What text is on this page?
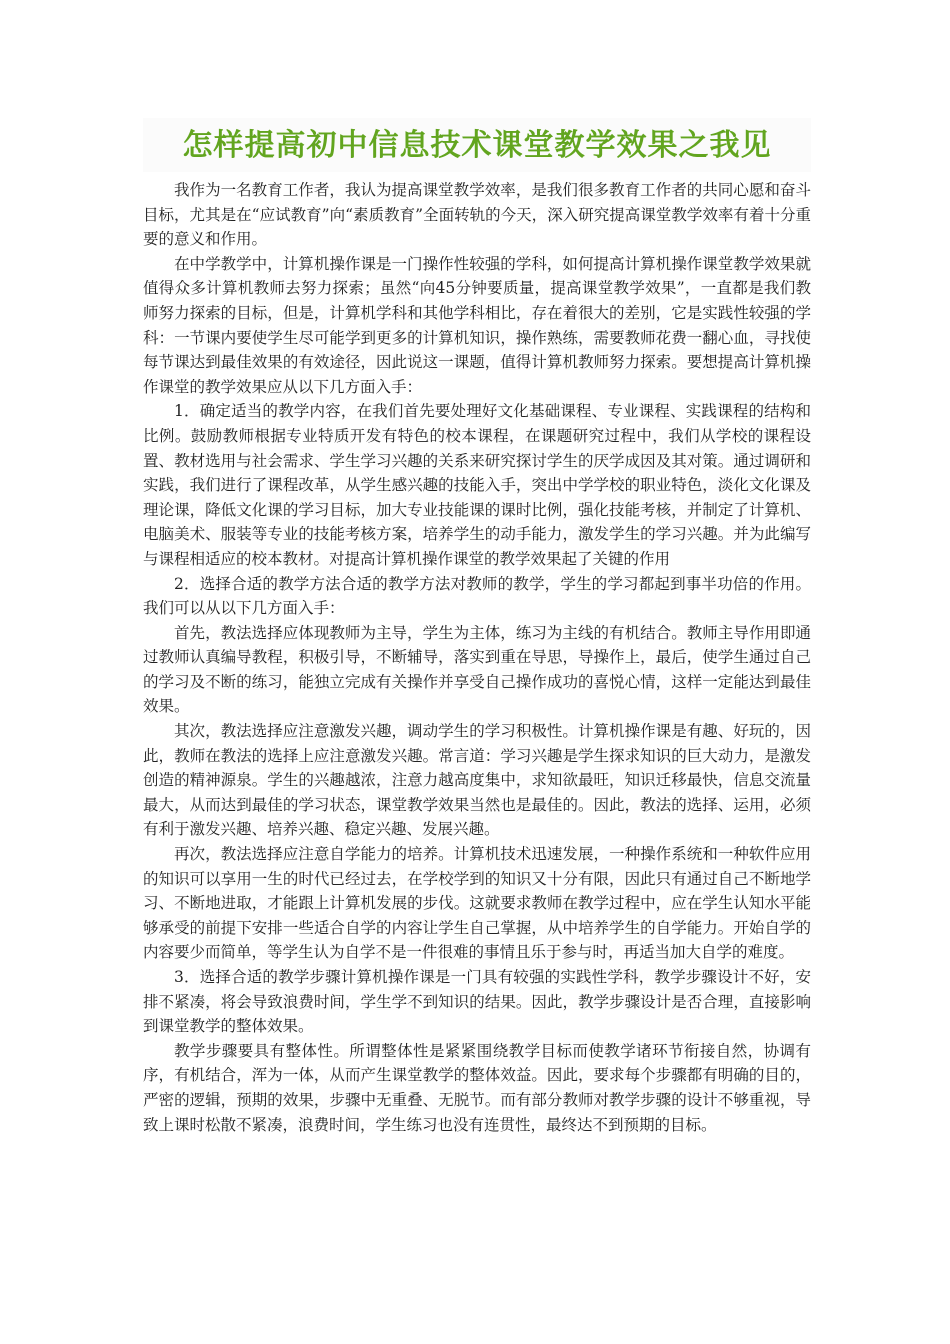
怎样提高初中信息技术课堂教学效果之我见

我作为一名教育工作者，我认为提高课堂教学效率，是我们很多教育工作者的共同心愿和奋斗目标，尤其是在“应试教育”向“素质教育”全面转轨的今天，深入研究提高课堂教学效率有着十分重要的意义和作用。

在中学教学中，计算机操作课是一门操作性较强的学科，如何提高计算机操作课堂教学效果就值得众多计算机教师去努力探索；虽然“向45分钟要质量，提高课堂教学效果”，一直都是我们教师努力探索的目标，但是，计算机学科和其他学科相比，存在着很大的差别，它是实践性较强的学科：一节课内要使学生尽可能学到更多的计算机知识，操作熟练，需要教师花费一翻心血，寻找使每节课达到最佳效果的有效途径，因此说这一课题，值得计算机教师努力探索。要想提高计算机操作课堂的教学效果应从以下几方面入手：

1．确定适当的教学内容，在我们首先要处理好文化基础课程、专业课程、实践课程的结构和比例。鼓励教师根据专业特质开发有特色的校本课程，在课题研究过程中，我们从学校的课程设置、教材选用与社会需求、学生学习兴趣的关系来研究探讨学生的厌学成因及其对策。通过调研和实践，我们进行了课程改革，从学生感兴趣的技能入手，突出中学学校的职业特色，淡化文化课及理论课，降低文化课的学习目标，加大专业技能课的课时比例，强化技能考核，并制定了计算机、电脑美术、服装等专业的技能考核方案，培养学生的动手能力，激发学生的学习兴趣。并为此编写与课程相适应的校本教材。对提高计算机操作课堂的教学效果起了关键的作用

2．选择合适的教学方法合适的教学方法对教师的教学，学生的学习都起到事半功倍的作用。 我们可以从以下几方面入手：

首先，教法选择应体现教师为主导，学生为主体，练习为主线的有机结合。教师主导作用即通过教师认真编导教程，积极引导，不断辅导，落实到重在导思，导操作上，最后，使学生通过自己的学习及不断的练习，能独立完成有关操作并享受自己操作成功的喜悦心情，这样一定能达到最佳效果。

其次，教法选择应注意激发兴趣，调动学生的学习积极性。计算机操作课是有趣、好玩的，因此，教师在教法的选择上应注意激发兴趣。常言道：学习兴趣是学生探求知识的巨大动力，是激发创造的精神源泉。学生的兴趣越浓，注意力越高度集中，求知欲最旺，知识迁移最快，信息交流量最大，从而达到最佳的学习状态，课堂教学效果当然也是最佳的。因此，教法的选择、运用，必须有利于激发兴趣、培养兴趣、稳定兴趣、发展兴趣。

再次，教法选择应注意自学能力的培养。计算机技术迅速发展，一种操作系统和一种软件应用的知识可以享用一生的时代已经过去，在学校学到的知识又十分有限，因此只有通过自己不断地学习、不断地进取，才能跟上计算机发展的步伐。这就要求教师在教学过程中，应在学生认知水平能够承受的前提下安排一些适合自学的内容让学生自己掌握，从中培养学生的自学能力。开始自学的内容要少而简单，等学生认为自学不是一件很难的事情且乐于参与时，再适当加大自学的难度。

3．选择合适的教学步骤计算机操作课是一门具有较强的实践性学科，教学步骤设计不好，安排不紧凑，将会导致浪费时间，学生学不到知识的结果。因此，教学步骤设计是否合理，直接影响到课堂教学的整体效果。

教学步骤要具有整体性。所谓整体性是紧紧围绕教学目标而使教学诸环节衔接自然，协调有序，有机结合，浑为一体，从而产生课堂教学的整体效益。因此，要求每个步骤都有明确的目的，严密的逻辑，预期的效果，步骤中无重叠、无脱节。而有部分教师对教学步骤的设计不够重视，导致上课时松散不紧凑，浪费时间，学生练习也没有连贯性，最终达不到预期的目标。
